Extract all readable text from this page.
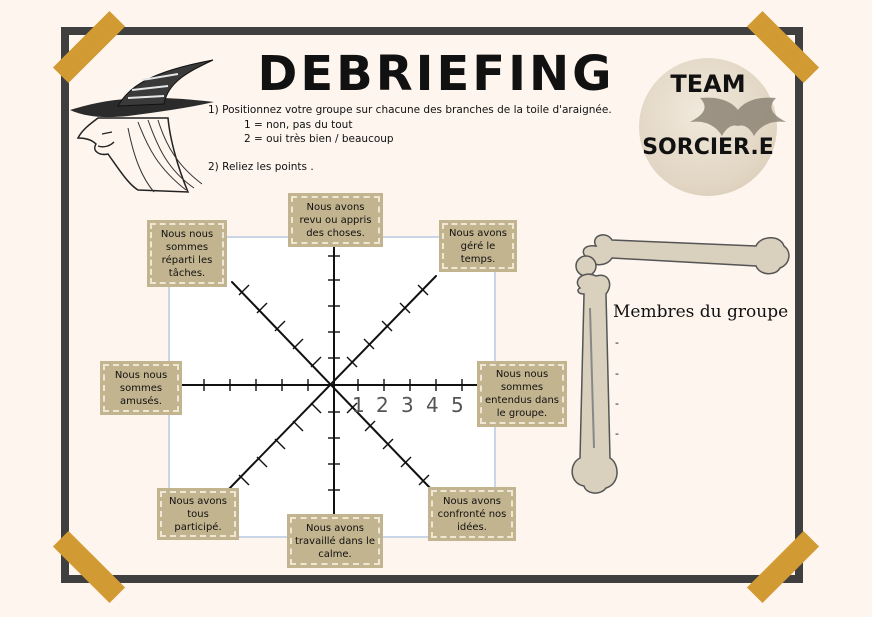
DEBRIEFING
1) Positionnez votre groupe sur chacune des branches de la toile d'araignée.
1 = non, pas du tout
2 = oui très bien / beaucoup
2) Reliez les points .
TEAM
SORCIER.E
1 2 3 4 5
Nous avons revu ou appris des choses.	Nous avons géré le temps.
Nous nous sommes entendus dans le groupe.
Nous avons confronté nos idées.
Nous avons travaillé dans le calme.
Nous avons tous participé.
Nous nous sommes amusés.
Nous nous sommes réparti les tâches.
Membres du groupe
-
-
-
-
